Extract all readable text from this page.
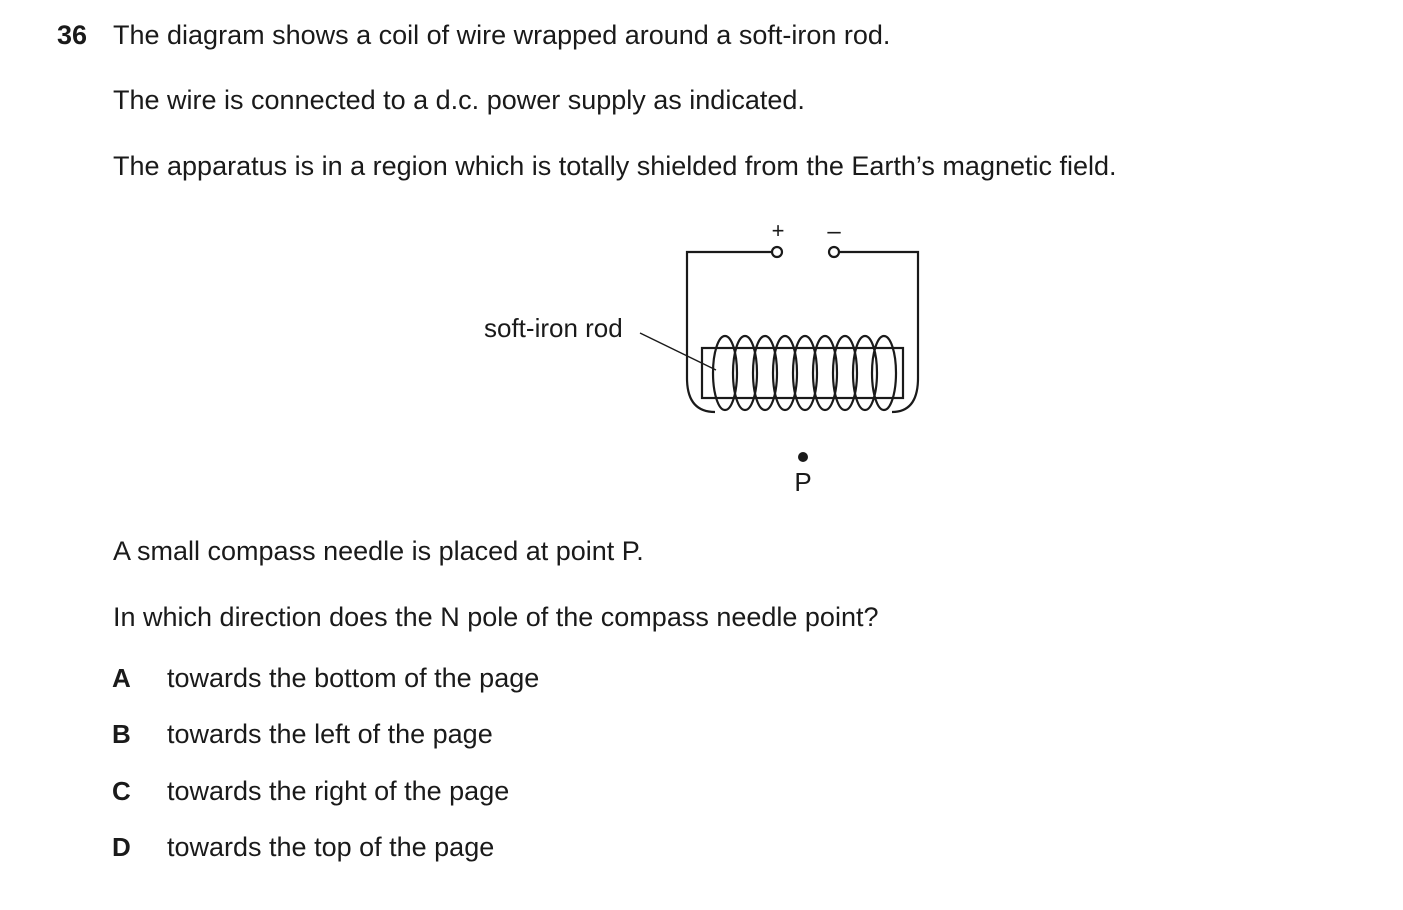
36 The diagram shows a coil of wire wrapped around a soft-iron rod.
The wire is connected to a d.c. power supply as indicated.
The apparatus is in a region which is totally shielded from the Earth’s magnetic field.
+ –
soft-iron rod
P
A small compass needle is placed at point P.
In which direction does the N pole of the compass needle point?
A towards the bottom of the page
B towards the left of the page
C towards the right of the page
D towards the top of the page
